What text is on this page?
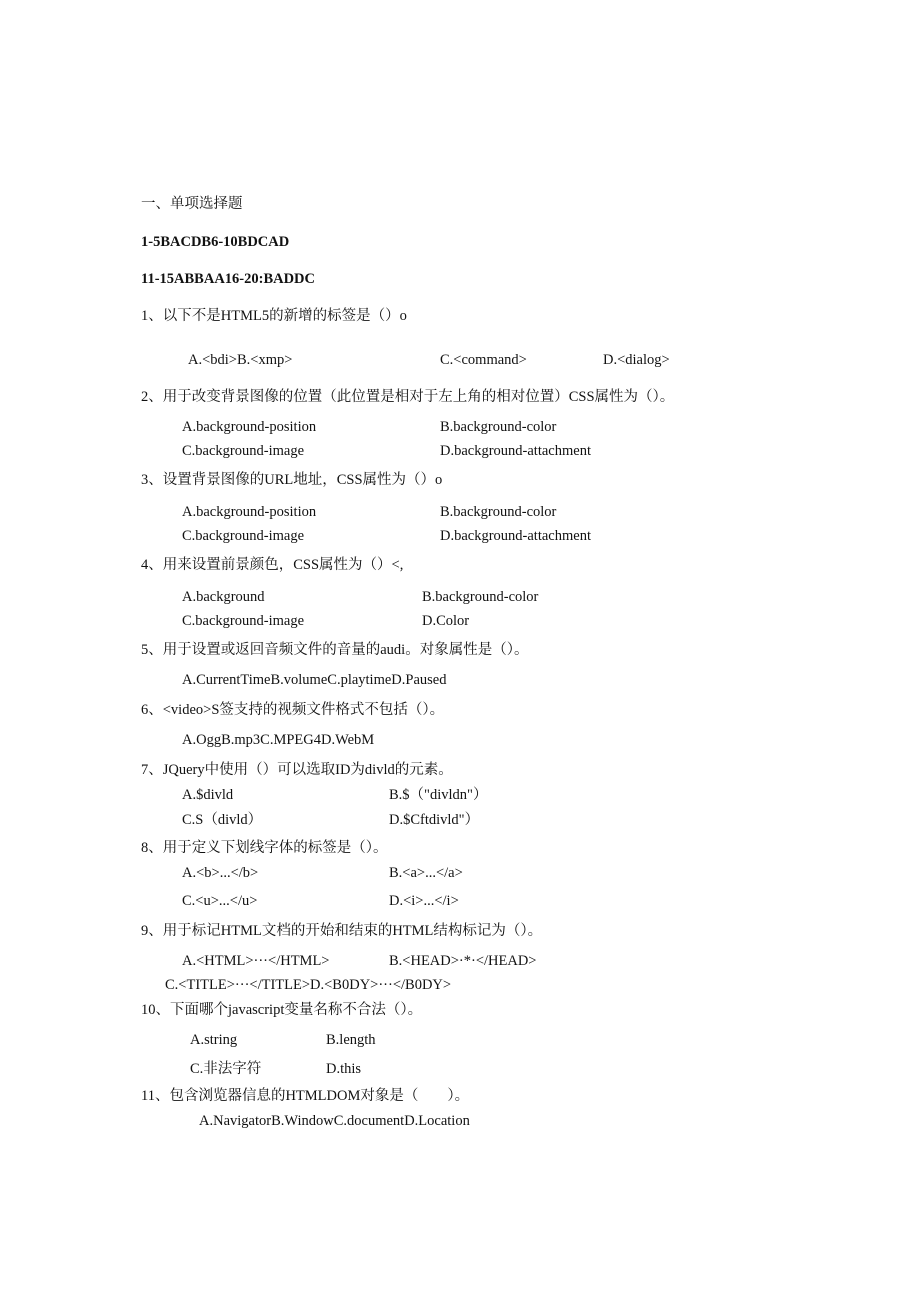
一、单项选择题
1-5BACDB6-10BDCAD
11-15ABBAA16-20:BADDC
1、以下不是HTML5的新增的标签是（）o
A.<bdi>B.<xmp>	C.<command>	D.<dialog>
2、用于改变背景图像的位置（此位置是相对于左上角的相对位置）CSS属性为（）。
A.background-position	B.background-color
C.background-image	D.background-attachment
3、设置背景图像的URL地址，CSS属性为（）o
A.background-position	B.background-color
C.background-image	D.background-attachment
4、用来设置前景颜色，CSS属性为（）<,
A.background	B.background-color
C.background-image	D.Color
5、用于设置或返回音频文件的音量的audi。对象属性是（）。
A.CurrentTimeB.volumeC.playtimeD.Paused
6、<video>S签支持的视频文件格式不包括（）。
A.OggB.mp3C.MPEG4D.WebM
7、JQuery中使用（）可以选取ID为divld的元素。
A.$divld	B.$（"divldn"）
C.S（divld）	D.$Cftdivld"）
8、用于定义下划线字体的标签是（）。
A.<b>...</b>	B.<a>...</a>
C.<u>...</u>	D.<i>...</i>
9、用于标记HTML文档的开始和结束的HTML结构标记为（）。
A.<HTML>···</HTML>	B.<HEAD>·*·</HEAD>
C.<TITLE>···</TITLE>D.<B0DY>···</B0DY>
10、下面哪个javascript变量名称不合法（）。
A.string	B.length
C.非法字符	D.this
11、包含浏览器信息的HTMLDOM对象是（　　）。
A.NavigatorB.WindowC.documentD.Location
